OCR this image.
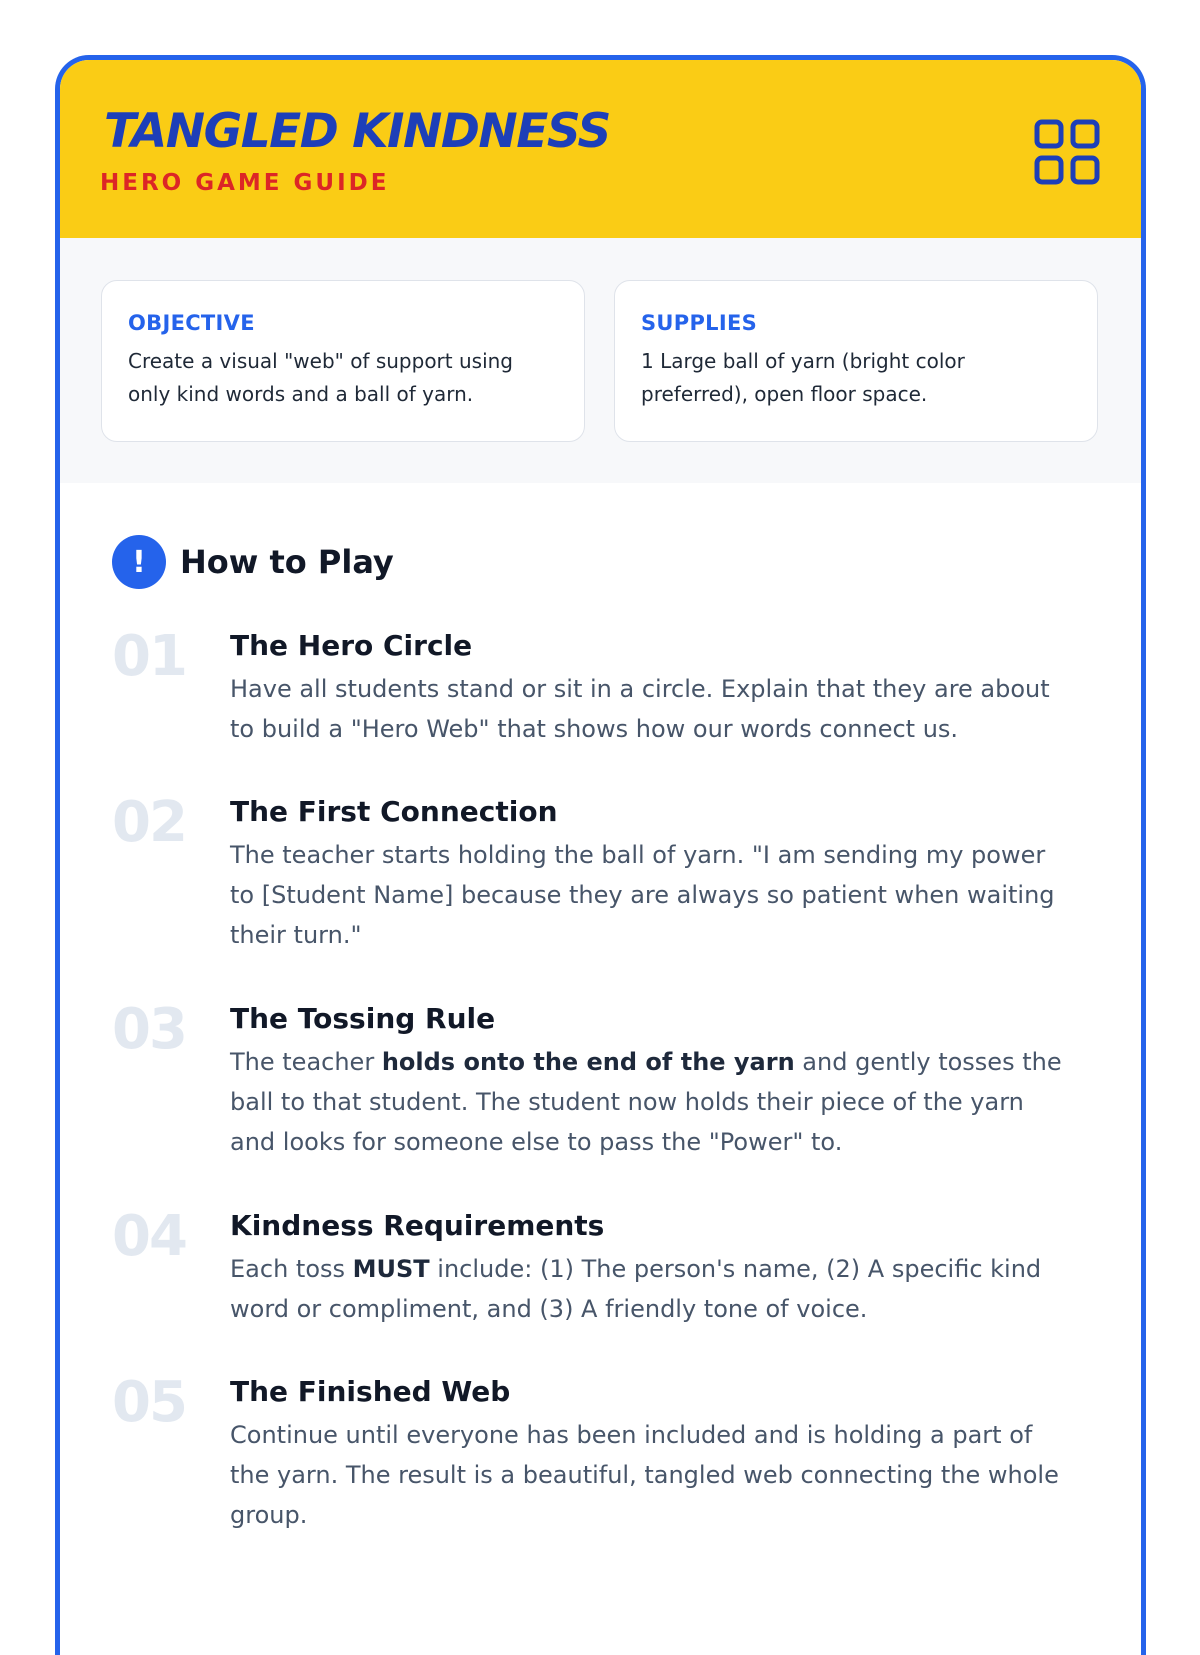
TANGLED KINDNESS
HERO GAME GUIDE
OBJECTIVE
Create a visual "web" of support using only kind words and a ball of yarn.
SUPPLIES
1 Large ball of yarn (bright color preferred), open floor space.
!	How to Play
01 The Hero Circle
Have all students stand or sit in a circle. Explain that they are about to build a "Hero Web" that shows how our words connect us.
02 The First Connection
The teacher starts holding the ball of yarn. "I am sending my power to [Student Name] because they are always so patient when waiting their turn."
03 The Tossing Rule
The teacher holds onto the end of the yarn and gently tosses the ball to that student. The student now holds their piece of the yarn and looks for someone else to pass the "Power" to.
04 Kindness Requirements
Each toss MUST include: (1) The person's name, (2) A specific kind word or compliment, and (3) A friendly tone of voice.
05 The Finished Web
Continue until everyone has been included and is holding a part of the yarn. The result is a beautiful, tangled web connecting the whole group.
